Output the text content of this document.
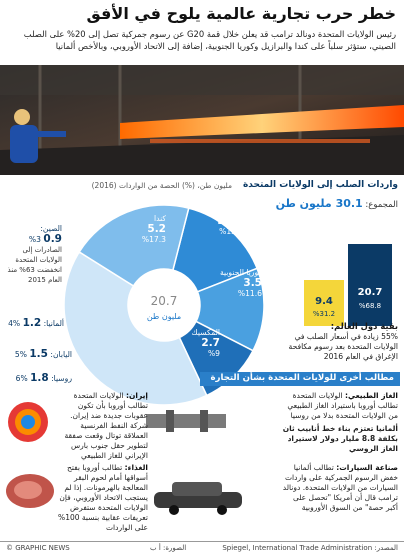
خطر حرب تجارية عالمية يلوح في الأفق
رئيس الولايات المتحدة دونالد ترامب قد يعلن خلال قمة G20 عن رسوم جمركية تصل إلى 20% على الصلب الصيني، ستؤثر سلباً على كندا والبرازيل وكوريا الجنوبية، إضافة إلى الاتحاد الأوروبي، وبالأخص ألمانيا
واردات الصلب إلى الولايات المتحدة
مليون طن، (%) الحصة من الواردات (2016)
المجموع: 30.1 مليون طن
20.7
مليون طن
البرازيل
3.9
%13
كندا
5.2
%17.3
كوريا الجنوبية
3.5
%11.6
المكسيك
2.7
%9
الصين:
0.9 %3
الصادرات إلى الولايات المتحدة انخفضت 63% منذ العام 2015
ألمانيا: 1.2 %4
اليابان: 1.5 %5
روسيا: 1.8 %6
20.7
%68.8
9.4
%31.2
بقية دول العالم:
55% زيادة في أسعار الصلب في الولايات المتحدة بعد رسوم مكافحة الإغراق في العام 2016
مطالب أخرى للولايات المتحدة بشأن التجارة
الغاز الطبيعي: الولايات المتحدة تطالب أوروبا باستيراد الغاز الطبيعي من الولايات المتحدة بدلا من روسيا
ألمانيا تعتزم بناء خط أنابيب ثان بكلفة 8.8 مليار دولار لاستيراد الغاز الروسي
إيران: الولايات المتحدة تطالب أوروبا بأن تكون عقوبات جديدة ضد إيران. شركة النفط الفرنسية العملاقة توتال وقعت صفقة لتطوير حقل جنوب بارس الإيراني للغاز الطبيعي
الغذاء: تطالب أوروبا بفتح أسواقها أمام لحوم البقر المعالجة بالهرمونات. إذا لم يستجب الاتحاد الأوروبي، فإن الولايات المتحدة ستفرض تعريفات عقابية بنسبة 100% على الواردات
صناعة السيارات: تطالب ألمانيا خفض الرسوم الجمركية على واردات السيارات من الولايات المتحدة. دونالد ترامب قال أن أمريكا "تحصل على أكبر حصة" من السوق الأوروبية
© GRAPHIC NEWS	الصورة: أ ب	المصدر: Spiegel, International Trade Administration
